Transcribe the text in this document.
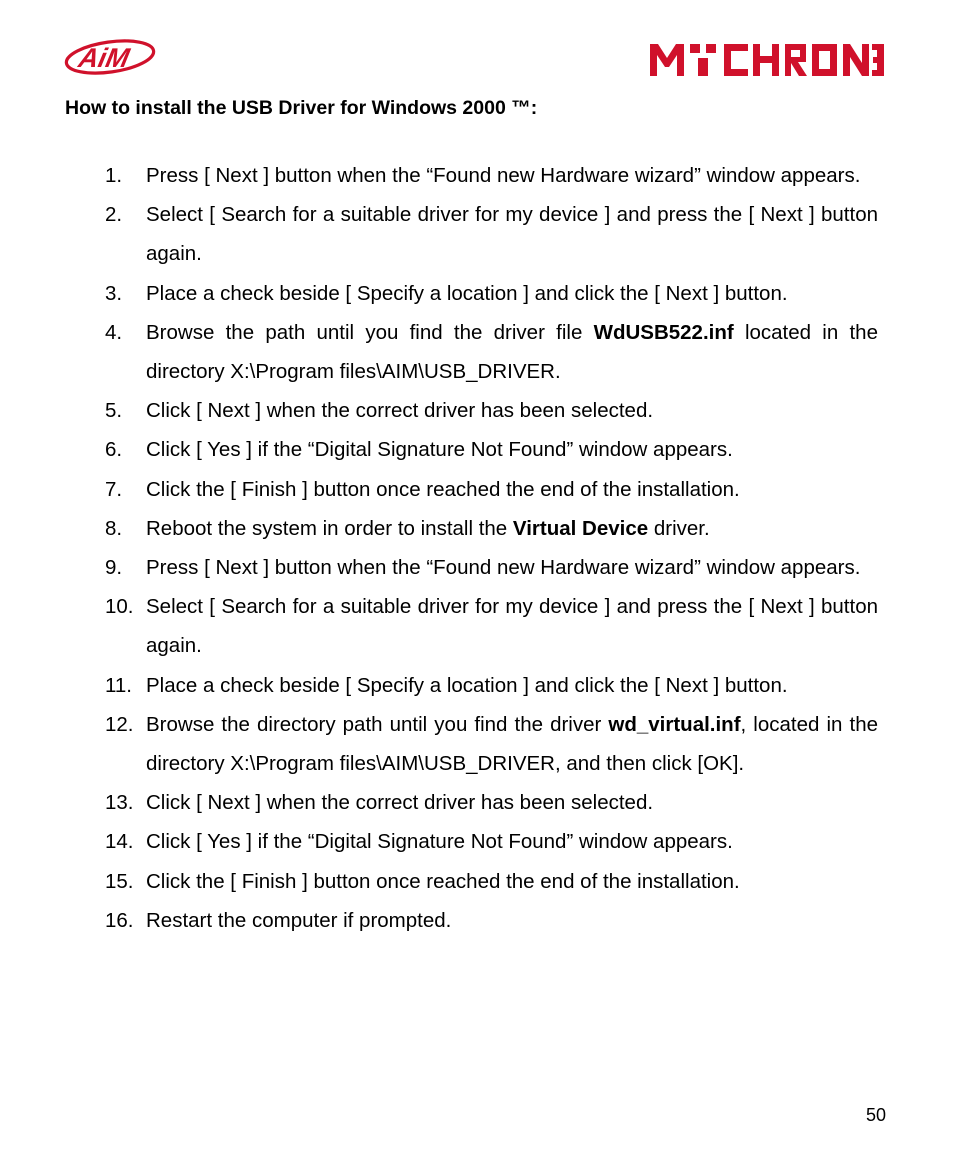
AiM
How to install the USB Driver for Windows 2000 ™:
1. Press [ Next ] button when the “Found new Hardware wizard” window appears.
2. Select [ Search for a suitable driver for my device ] and press the [ Next ] button again.
3. Place a check beside [ Specify a location ] and click the [ Next ] button.
4. Browse the path until you find the driver file WdUSB522.inf located in the directory X:\Program files\AIM\USB_DRIVER.
5. Click [ Next ] when the correct driver has been selected.
6. Click [ Yes ] if the “Digital Signature Not Found” window appears.
7. Click the [ Finish ] button once reached the end of the installation.
8. Reboot the system in order to install the Virtual Device driver.
9. Press [ Next ] button when the “Found new Hardware wizard” window appears.
10. Select [ Search for a suitable driver for my device ] and press the [ Next ] button again.
11. Place a check beside [ Specify a location ] and click the [ Next ] button.
12. Browse the directory path until you find the driver wd_virtual.inf, located in the directory X:\Program files\AIM\USB_DRIVER, and then click [OK].
13. Click [ Next ] when the correct driver has been selected.
14. Click [ Yes ] if the “Digital Signature Not Found” window appears.
15. Click the [ Finish ] button once reached the end of the installation.
16. Restart the computer if prompted.
50
